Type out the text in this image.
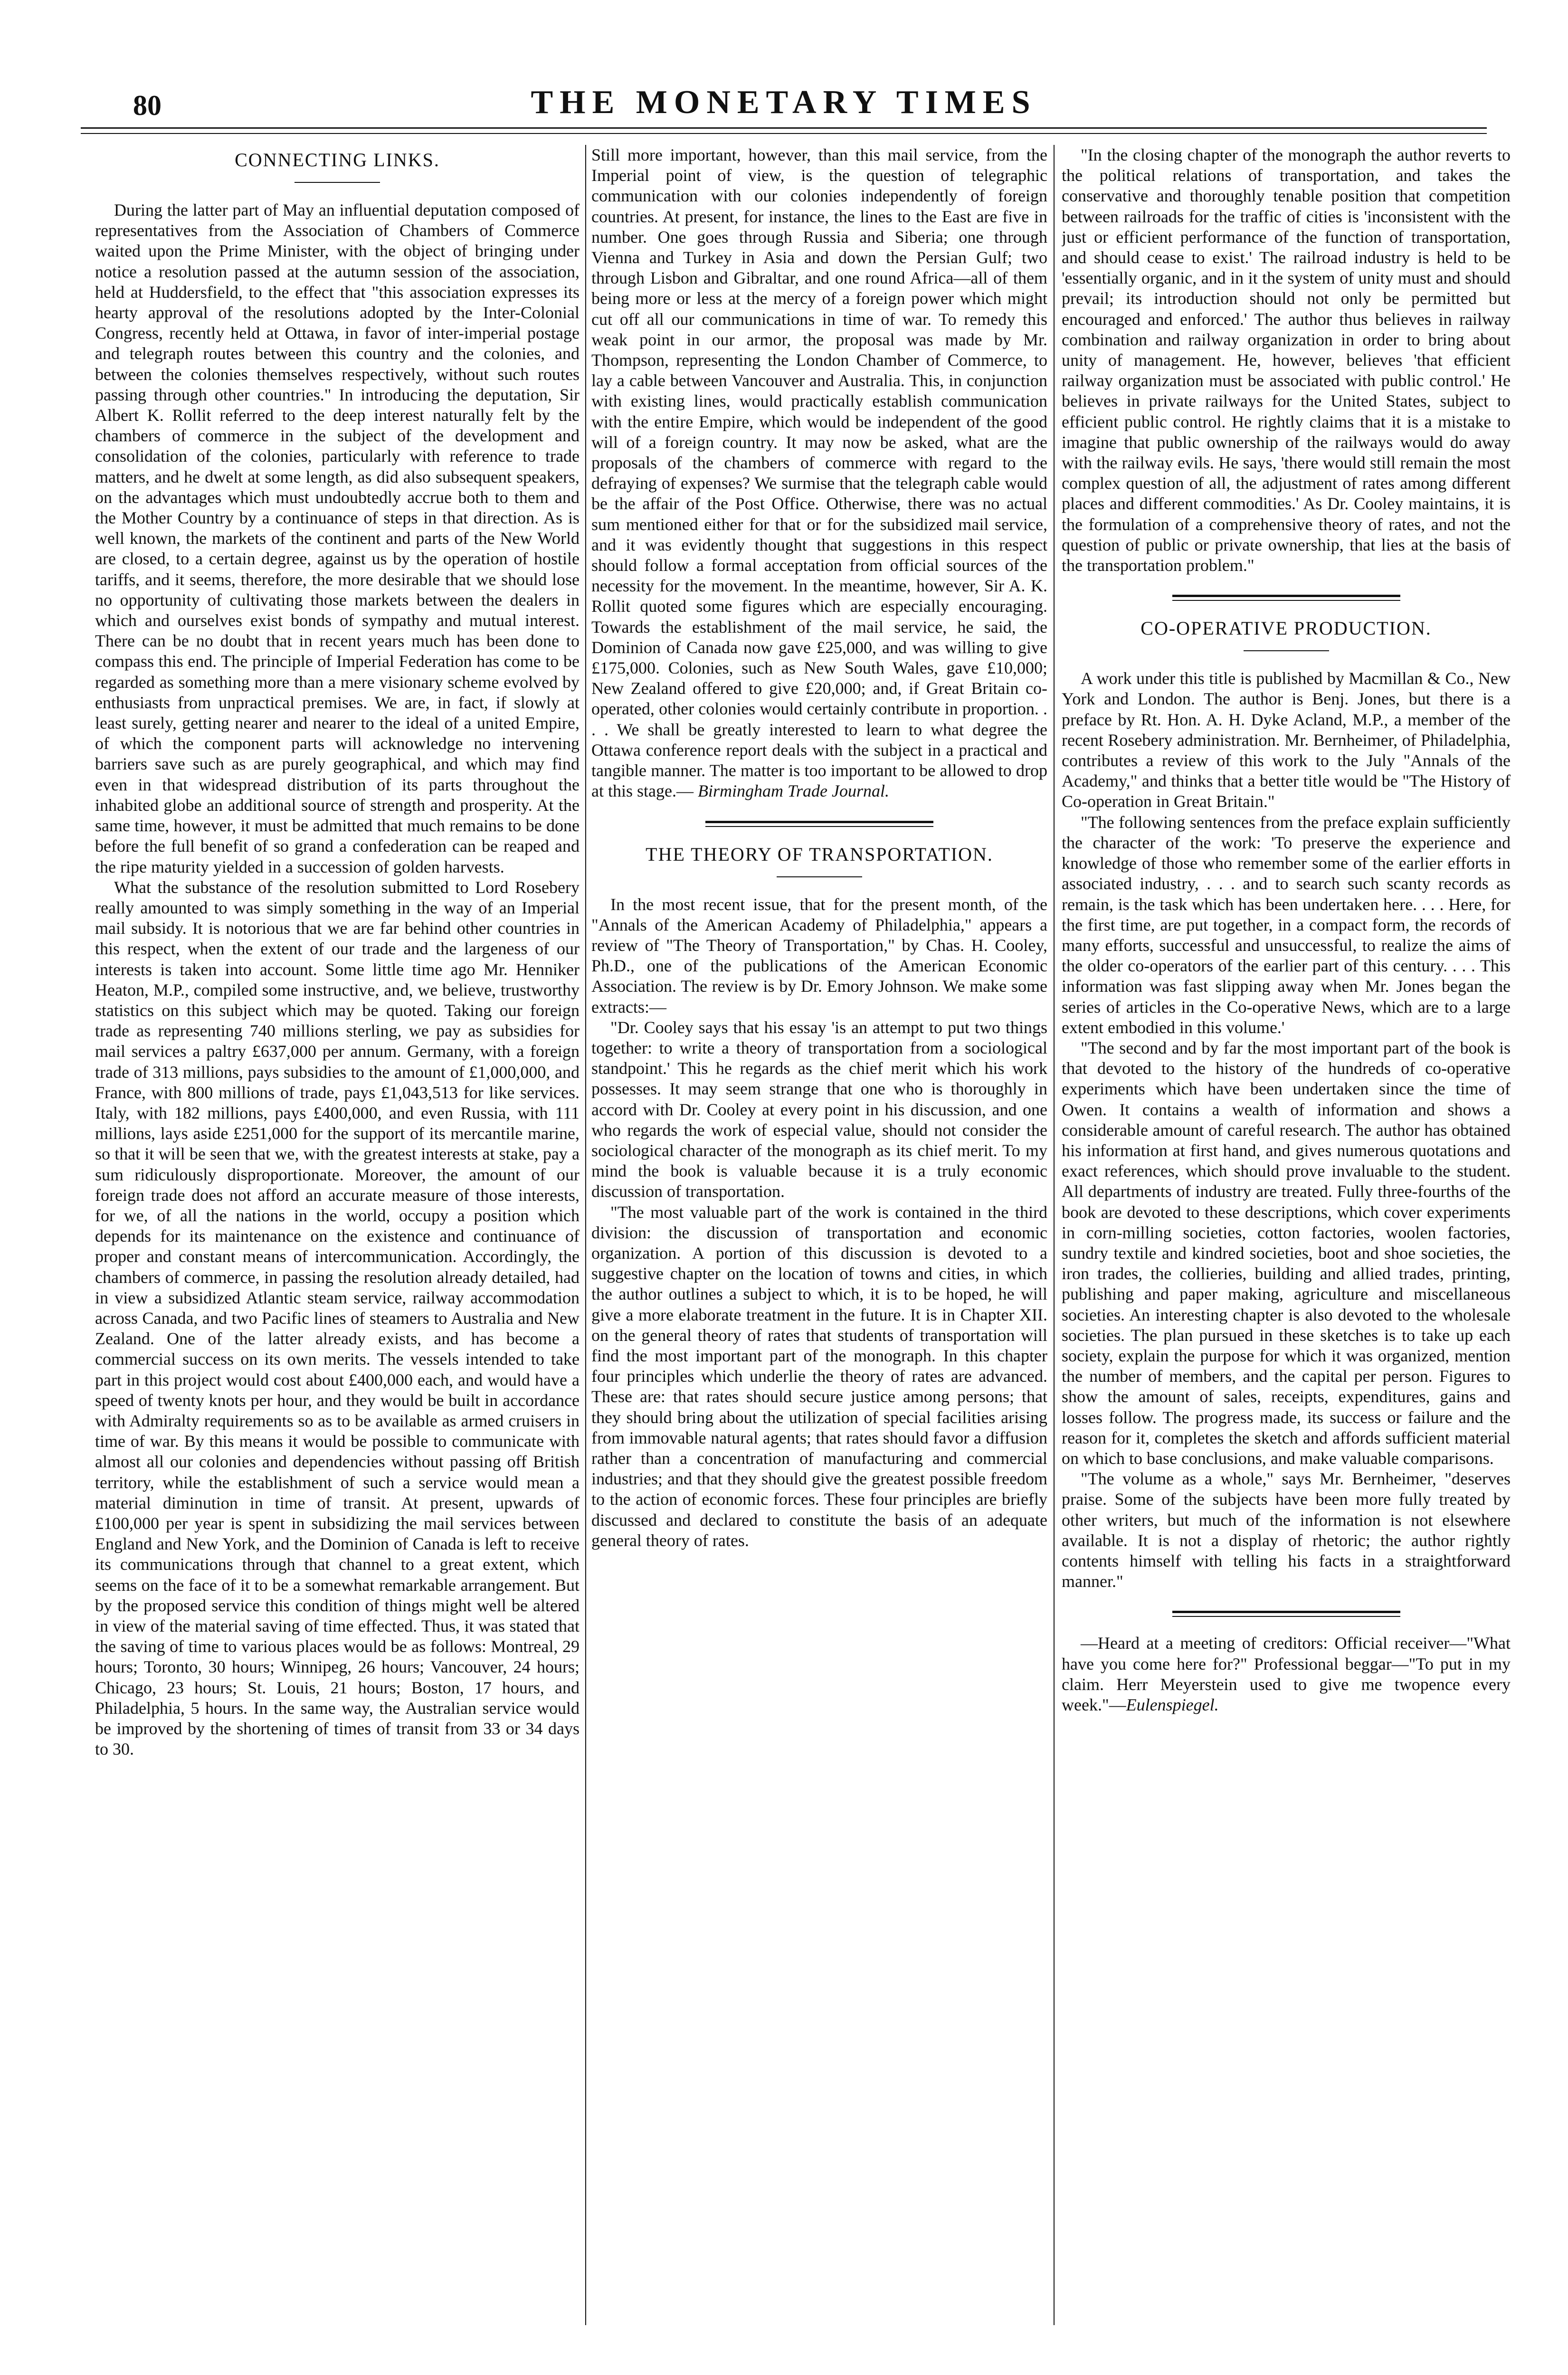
80	THE MONETARY TIMES
CONNECTING LINKS.

During the latter part of May an influential deputation composed of representatives from the Association of Chambers of Commerce waited upon the Prime Minister, with the object of bringing under notice a resolution passed at the autumn session of the association, held at Huddersfield, to the effect that "this association expresses its hearty approval of the resolutions adopted by the Inter-Colonial Congress, recently held at Ottawa, in favor of inter-imperial postage and telegraph routes between this country and the colonies, and between the colonies themselves respectively, without such routes passing through other countries." In introducing the deputation, Sir Albert K. Rollit referred to the deep interest naturally felt by the chambers of commerce in the subject of the development and consolidation of the colonies, particularly with reference to trade matters, and he dwelt at some length, as did also subsequent speakers, on the advantages which must undoubtedly accrue both to them and the Mother Country by a continuance of steps in that direction. As is well known, the markets of the continent and parts of the New World are closed, to a certain degree, against us by the operation of hostile tariffs, and it seems, therefore, the more desirable that we should lose no opportunity of cultivating those markets between the dealers in which and ourselves exist bonds of sympathy and mutual interest. There can be no doubt that in recent years much has been done to compass this end. The principle of Imperial Federation has come to be regarded as something more than a mere visionary scheme evolved by enthusiasts from unpractical premises. We are, in fact, if slowly at least surely, getting nearer and nearer to the ideal of a united Empire, of which the component parts will acknowledge no intervening barriers save such as are purely geographical, and which may find even in that widespread distribution of its parts throughout the inhabited globe an additional source of strength and prosperity. At the same time, however, it must be admitted that much remains to be done before the full benefit of so grand a confederation can be reaped and the ripe maturity yielded in a succession of golden harvests.

What the substance of the resolution submitted to Lord Rosebery really amounted to was simply something in the way of an Imperial mail subsidy. It is notorious that we are far behind other countries in this respect, when the extent of our trade and the largeness of our interests is taken into account. Some little time ago Mr. Henniker Heaton, M.P., compiled some instructive, and, we believe, trustworthy statistics on this subject which may be quoted. Taking our foreign trade as representing 740 millions sterling, we pay as subsidies for mail services a paltry £637,000 per annum. Germany, with a foreign trade of 313 millions, pays subsidies to the amount of £1,000,000, and France, with 800 millions of trade, pays £1,043,513 for like services. Italy, with 182 millions, pays £400,000, and even Russia, with 111 millions, lays aside £251,000 for the support of its mercantile marine, so that it will be seen that we, with the greatest interests at stake, pay a sum ridiculously disproportionate. Moreover, the amount of our foreign trade does not afford an accurate measure of those interests, for we, of all the nations in the world, occupy a position which depends for its maintenance on the existence and continuance of proper and constant means of intercommunication. Accordingly, the chambers of commerce, in passing the resolution already detailed, had in view a subsidized Atlantic steam service, railway accommodation across Canada, and two Pacific lines of steamers to Australia and New Zealand. One of the latter already exists, and has become a commercial success on its own merits. The vessels intended to take part in this project would cost about £400,000 each, and would have a speed of twenty knots per hour, and they would be built in accordance with Admiralty requirements so as to be available as armed cruisers in time of war. By this means it would be possible to communicate with almost all our colonies and dependencies without passing off British territory, while the establishment of such a service would mean a material diminution in time of transit. At present, upwards of £100,000 per year is spent in subsidizing the mail services between England and New York, and the Dominion of Canada is left to receive its communications through that channel to a great extent, which seems on the face of it to be a somewhat remarkable arrangement. But by the proposed service this condition of things might well be altered in view of the material saving of time effected. Thus, it was stated that the saving of time to various places would be as follows: Montreal, 29 hours; Toronto, 30 hours; Winnipeg, 26 hours; Vancouver, 24 hours; Chicago, 23 hours; St. Louis, 21 hours; Boston, 17 hours, and Philadelphia, 5 hours. In the same way, the Australian service would be improved by the shortening of times of transit from 33 or 34 days to 30.

Still more important, however, than this mail service, from the Imperial point of view, is the question of telegraphic communication with our colonies independently of foreign countries. At present, for instance, the lines to the East are five in number. One goes through Russia and Siberia; one through Vienna and Turkey in Asia and down the Persian Gulf; two through Lisbon and Gibraltar, and one round Africa—all of them being more or less at the mercy of a foreign power which might cut off all our communications in time of war. To remedy this weak point in our armor, the proposal was made by Mr. Thompson, representing the London Chamber of Commerce, to lay a cable between Vancouver and Australia. This, in conjunction with existing lines, would practically establish communication with the entire Empire, which would be independent of the good will of a foreign country. It may now be asked, what are the proposals of the chambers of commerce with regard to the defraying of expenses? We surmise that the telegraph cable would be the affair of the Post Office. Otherwise, there was no actual sum mentioned either for that or for the subsidized mail service, and it was evidently thought that suggestions in this respect should follow a formal acceptation from official sources of the necessity for the movement. In the meantime, however, Sir A. K. Rollit quoted some figures which are especially encouraging. Towards the establishment of the mail service, he said, the Dominion of Canada now gave £25,000, and was willing to give £175,000. Colonies, such as New South Wales, gave £10,000; New Zealand offered to give £20,000; and, if Great Britain co-operated, other colonies would certainly contribute in proportion. . . . We shall be greatly interested to learn to what degree the Ottawa conference report deals with the subject in a practical and tangible manner. The matter is too important to be allowed to drop at this stage.— Birmingham Trade Journal.

THE THEORY OF TRANSPORTATION.

In the most recent issue, that for the present month, of the "Annals of the American Academy of Philadelphia," appears a review of "The Theory of Transportation," by Chas. H. Cooley, Ph.D., one of the publications of the American Economic Association. The review is by Dr. Emory Johnson. We make some extracts:—

"Dr. Cooley says that his essay 'is an attempt to put two things together: to write a theory of transportation from a sociological standpoint.' This he regards as the chief merit which his work possesses. It may seem strange that one who is thoroughly in accord with Dr. Cooley at every point in his discussion, and one who regards the work of especial value, should not consider the sociological character of the monograph as its chief merit. To my mind the book is valuable because it is a truly economic discussion of transportation.

"The most valuable part of the work is contained in the third division: the discussion of transportation and economic organization. A portion of this discussion is devoted to a suggestive chapter on the location of towns and cities, in which the author outlines a subject to which, it is to be hoped, he will give a more elaborate treatment in the future. It is in Chapter XII. on the general theory of rates that students of transportation will find the most important part of the monograph. In this chapter four principles which underlie the theory of rates are advanced. These are: that rates should secure justice among persons; that they should bring about the utilization of special facilities arising from immovable natural agents; that rates should favor a diffusion rather than a concentration of manufacturing and commercial industries; and that they should give the greatest possible freedom to the action of economic forces. These four principles are briefly discussed and declared to constitute the basis of an adequate general theory of rates.

"In the closing chapter of the monograph the author reverts to the political relations of transportation, and takes the conservative and thoroughly tenable position that competition between railroads for the traffic of cities is 'inconsistent with the just or efficient performance of the function of transportation, and should cease to exist.' The railroad industry is held to be 'essentially organic, and in it the system of unity must and should prevail; its introduction should not only be permitted but encouraged and enforced.' The author thus believes in railway combination and railway organization in order to bring about unity of management. He, however, believes 'that efficient railway organization must be associated with public control.' He believes in private railways for the United States, subject to efficient public control. He rightly claims that it is a mistake to imagine that public ownership of the railways would do away with the railway evils. He says, 'there would still remain the most complex question of all, the adjustment of rates among different places and different commodities.' As Dr. Cooley maintains, it is the formulation of a comprehensive theory of rates, and not the question of public or private ownership, that lies at the basis of the transportation problem."

CO-OPERATIVE PRODUCTION.

A work under this title is published by Macmillan & Co., New York and London. The author is Benj. Jones, but there is a preface by Rt. Hon. A. H. Dyke Acland, M.P., a member of the recent Rosebery administration. Mr. Bernheimer, of Philadelphia, contributes a review of this work to the July "Annals of the Academy," and thinks that a better title would be "The History of Co-operation in Great Britain."

"The following sentences from the preface explain sufficiently the character of the work: 'To preserve the experience and knowledge of those who remember some of the earlier efforts in associated industry, . . . and to search such scanty records as remain, is the task which has been undertaken here. . . . Here, for the first time, are put together, in a compact form, the records of many efforts, successful and unsuccessful, to realize the aims of the older co-operators of the earlier part of this century. . . . This information was fast slipping away when Mr. Jones began the series of articles in the Co-operative News, which are to a large extent embodied in this volume.'

"The second and by far the most important part of the book is that devoted to the history of the hundreds of co-operative experiments which have been undertaken since the time of Owen. It contains a wealth of information and shows a considerable amount of careful research. The author has obtained his information at first hand, and gives numerous quotations and exact references, which should prove invaluable to the student. All departments of industry are treated. Fully three-fourths of the book are devoted to these descriptions, which cover experiments in corn-milling societies, cotton factories, woolen factories, sundry textile and kindred societies, boot and shoe societies, the iron trades, the collieries, building and allied trades, printing, publishing and paper making, agriculture and miscellaneous societies. An interesting chapter is also devoted to the wholesale societies. The plan pursued in these sketches is to take up each society, explain the purpose for which it was organized, mention the number of members, and the capital per person. Figures to show the amount of sales, receipts, expenditures, gains and losses follow. The progress made, its success or failure and the reason for it, completes the sketch and affords sufficient material on which to base conclusions, and make valuable comparisons.

"The volume as a whole," says Mr. Bernheimer, "deserves praise. Some of the subjects have been more fully treated by other writers, but much of the information is not elsewhere available. It is not a display of rhetoric; the author rightly contents himself with telling his facts in a straightforward manner."

—Heard at a meeting of creditors: Official receiver—"What have you come here for?" Professional beggar—"To put in my claim. Herr Meyerstein used to give me twopence every week."—Eulenspiegel.
